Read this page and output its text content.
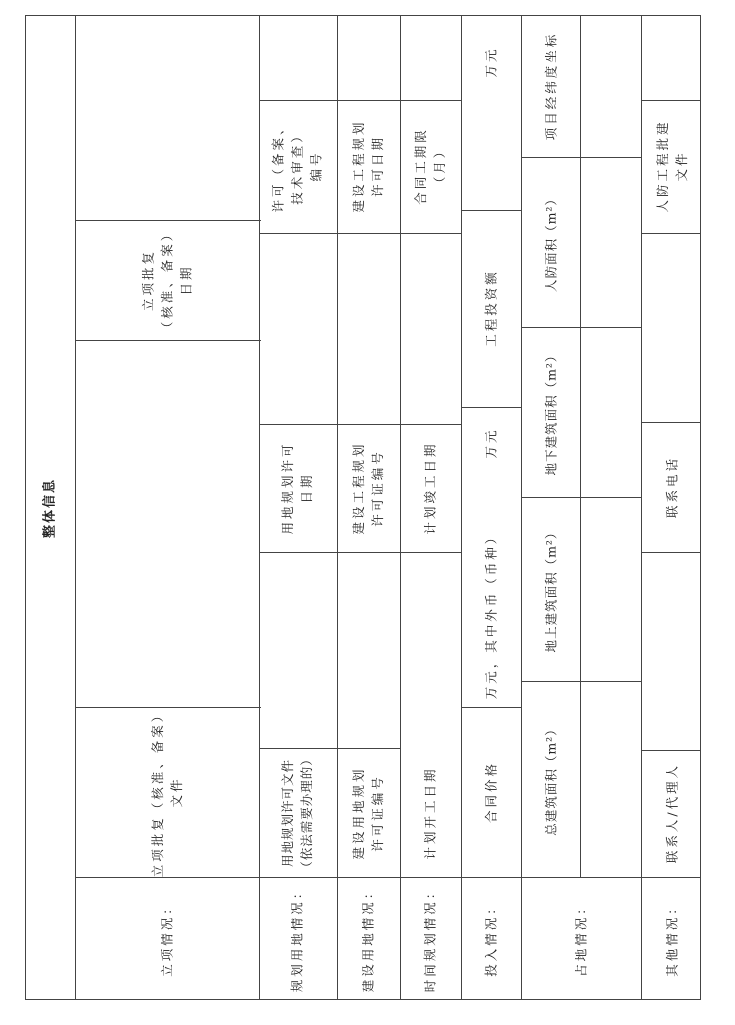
整体信息
立项情况：
立项批复（核准、备案） 文件
立项批复 （核准、备案） 日期
规划用地情况：
用地规划许可文件 （依法需要办理的）
用地规划许可 日期
许可（备案、 技术审查） 编号
建设用地情况：
建设用地规划 许可证编号
建设工程规划 许可证编号
建设工程规划 许可日期
时间规划情况：
计划开工日期
计划竣工日期
合同工期限 （月）
投入情况：
合同价格
万元，其中外币（币种）
万元
工程投资额
万元
占地情况：
总建筑面积（m²）
地上建筑面积（m²）
地下建筑面积（m²）
人防面积（m²）
项目经纬度坐标
其他情况：
联系人/代理人
联系电话
人防工程批建 文件
